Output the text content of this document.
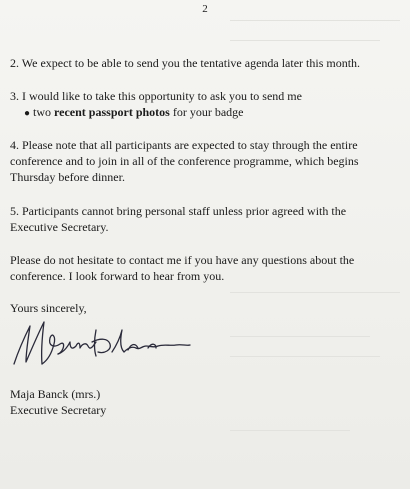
2
2. We expect to be able to send you the tentative agenda later this month.
3. I would like to take this opportunity to ask you to send me
● two recent passport photos for your badge
4. Please note that all participants are expected to stay through the entire
conference and to join in all of the conference programme, which begins
Thursday before dinner.
5. Participants cannot bring personal staff unless prior agreed with the
Executive Secretary.
Please do not hesitate to contact me if you have any questions about the
conference. I look forward to hear from you.
Yours sincerely,
MBanck Eklesson
Maja Banck (mrs.)
Executive Secretary
